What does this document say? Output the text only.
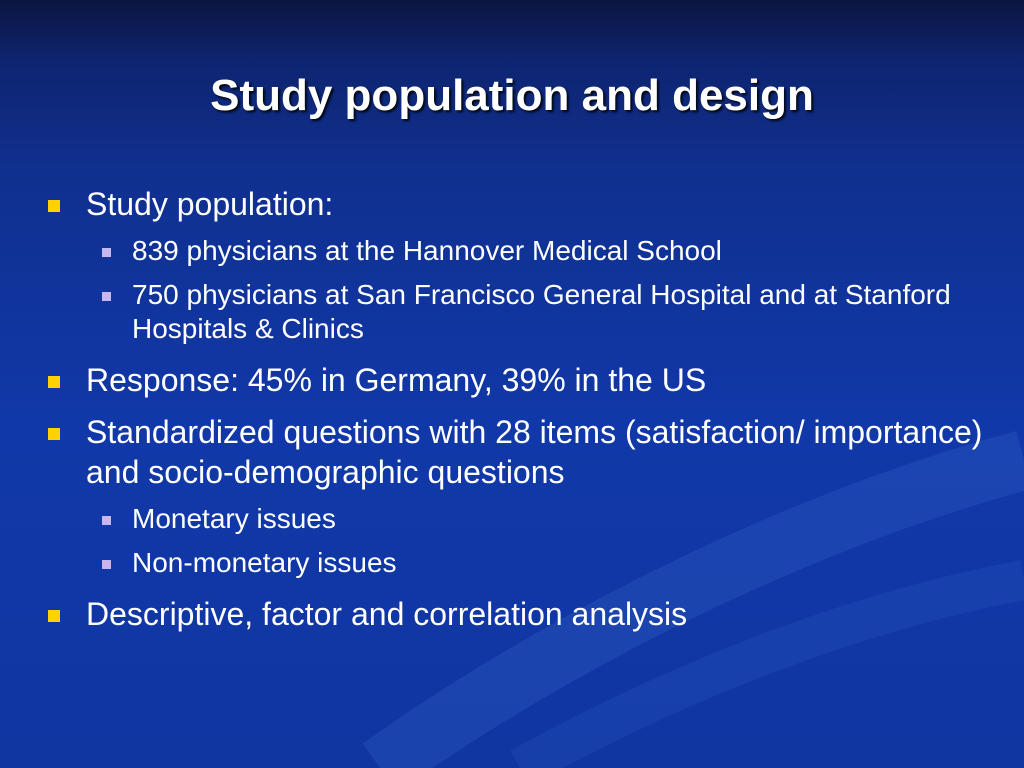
Study population and design
Study population:
839 physicians at the Hannover Medical School
750 physicians at San Francisco General Hospital and at Stanford Hospitals & Clinics
Response: 45% in Germany, 39% in the US
Standardized questions with 28 items (satisfaction/ importance) and socio-demographic questions
Monetary issues
Non-monetary issues
Descriptive, factor and correlation analysis
